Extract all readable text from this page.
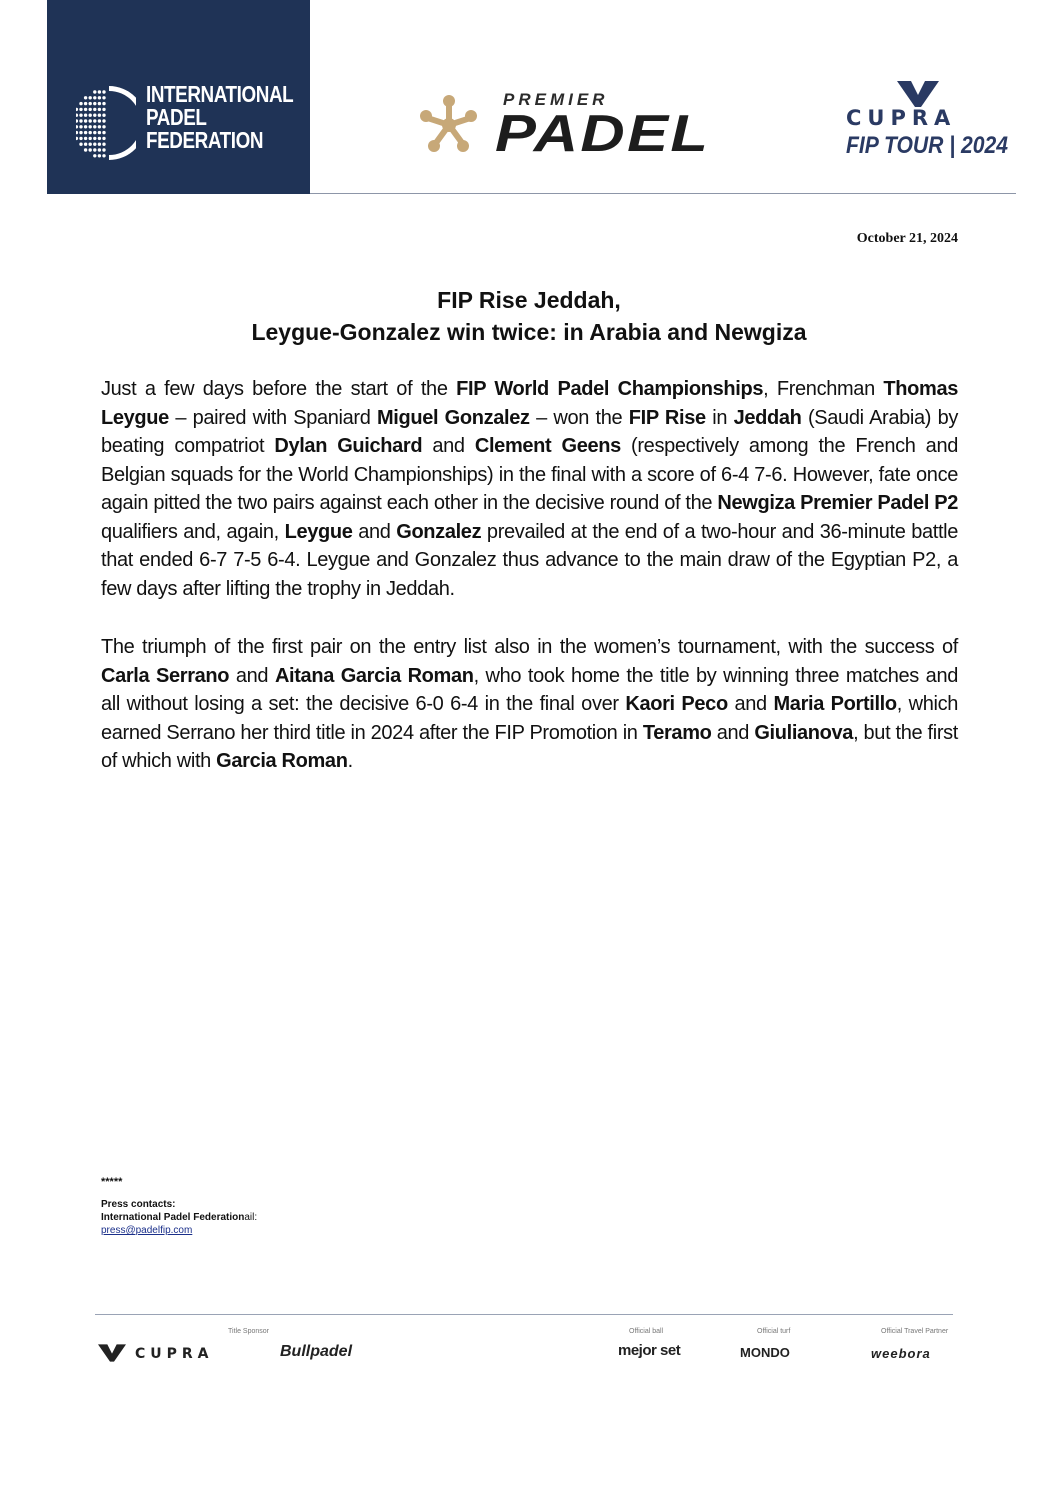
INTERNATIONAL
PADEL
FEDERATION
PREMIER
PADEL	CUPRA
FIP TOUR | 2024
October 21, 2024
FIP Rise Jeddah,
Leygue-Gonzalez win twice: in Arabia and Newgiza
Just a few days before the start of the FIP World Padel Championships, Frenchman Thomas Leygue – paired with Spaniard Miguel Gonzalez – won the FIP Rise in Jeddah (Saudi Arabia) by beating compatriot Dylan Guichard and Clement Geens (respectively among the French and Belgian squads for the World Championships) in the final with a score of 6-4 7-6. However, fate once again pitted the two pairs against each other in the decisive round of the Newgiza Premier Padel P2 qualifiers and, again, Leygue and Gonzalez prevailed at the end of a two-hour and 36-minute battle that ended 6-7 7-5 6-4. Leygue and Gonzalez thus advance to the main draw of the Egyptian P2, a few days after lifting the trophy in Jeddah.
The triumph of the first pair on the entry list also in the women’s tournament, with the success of Carla Serrano and Aitana Garcia Roman, who took home the title by winning three matches and all without losing a set: the decisive 6-0 6-4 in the final over Kaori Peco and Maria Portillo, which earned Serrano her third title in 2024 after the FIP Promotion in Teramo and Giulianova, but the first of which with Garcia Roman.
*****
Press contacts:
International Padel Federationail:
press@padelfip.com
Title Sponsor	Official ball	Official turf	Official Travel Partner
CUPRA	Bullpadel	mejor set	MONDO	weebora
